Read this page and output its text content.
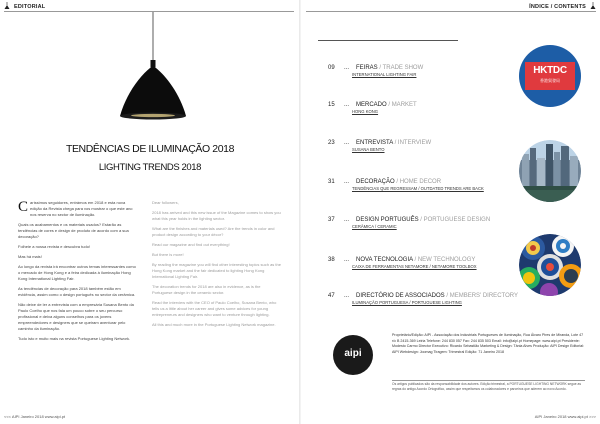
EDITORIAL
TENDÊNCIAS DE ILUMINAÇÃO 2018
LIGHTING TRENDS 2018

Caríssimos seguidores, entrámos em 2018 e esta nova edição da Revista chega para vos mostrar o que este ano nos reserva no sector de iluminação.

Quais os acabamentos e os materiais usados? Estarão as tendências de cores e design de produto de acordo com a sua decoração?

Folheie a nossa revista e descubra tudo!

Mas há mais!

Ao longo da revista irá encontrar outros temas interessantes como o mercado de Hong Kong e a feira dedicada à iluminação Hong Kong International Lighting Fair.

As tendências de decoração para 2018 também estão em evidência, assim como o design português no sector da cerâmica.

Não deixe de ler a entrevista com a empresária Susana Bento da Paulo Coelho que nos fala um pouco sobre o seu percurso profissional e deixa alguns conselhos para os jovens empreendedores e designers que se queiram aventurar pelo caminho da iluminação.

Tudo isto e muito mais na revista Portuguese Lighting Network.

Dear followers,

2018 has arrived and this new issue of the Magazine comes to show you what this year holds in the lighting sector.

What are the finishes and materials used? Are the trends in color and product design according to your décor?

Read our magazine and find out everything!

But there is more!

By reading the magazine you will find other interesting topics such as the Hong Kong market and the fair dedicated to lighting Hong Kong International Lighting Fair.

The decoration trends for 2018 are also in evidence, as is the Portuguese design in the ceramic sector.

Read the interview with the CEO of Paulo Coelho, Susana Bento, who tells us a little about her career and gives some advices for young entrepreneurs and designers who want to venture through lighting.

All this and much more in the Portuguese Lighting Network magazine.

<<< AIPI Janeiro 2018 www.aipi.pt
ÍNDICE / CONTENTS
09 ... FEIRAS / TRADE SHOW
INTERNATIONAL LIGHTING FAIR
15 ... MERCADO / MARKET
HONG KONG
23 ... ENTREVISTA / INTERVIEW
SUSANA BENTO
31 ... DECORAÇÃO / HOME DECOR
TENDÊNCIAS QUE REGRESSAM / OUTDATED TRENDS ARE BACK
37 ... DESIGN PORTUGUÊS / PORTUGUESE DESIGN
CERÂMICA / CERAMIC
38 ... NOVA TECNOLOGIA / NEW TECHNOLOGY
CAIXA DE FERRAMENTAS NETAMORE / NETAMORE TOOLBOX
47 ... DIRECTÓRIO DE ASSOCIADOS / MEMBERS' DIRECTORY
ILUMINAÇÃO PORTUGUESA / PORTUGUESE LIGHTING
HKTDC
香港貿發局
aipi
Proprietário/Edição: AIPI - Associação dos Industriais Portugueses de Iluminação, Rua Álvaro Pires de Miranda, Lote 47 r/c B 2415-369 Leiria Telefone: 244 830 057 Fax: 244 835 503 Email: info@aipi.pt Homepage: www.aipi.pt Presidente: Modesto Carmo Director Executivo: Ricardo Sebastião Marketing & Design: Tânia Alves Produção: AIPI Design Editorial: AIPI Webdesign: Joomag Tiragem: Trimestral Edição: 71 Janeiro 2018
Os artigos publicados são da responsabilidade dos autores. Edição trimestral, a PORTUGUESE LIGHTING NETWORK segue as regras do antigo Acordo Ortográfico, assim que respeitamos os colaboradores e parceiros que aderem ao novo Acordo.
AIPI Janeiro 2018 www.aipi.pt >>>
